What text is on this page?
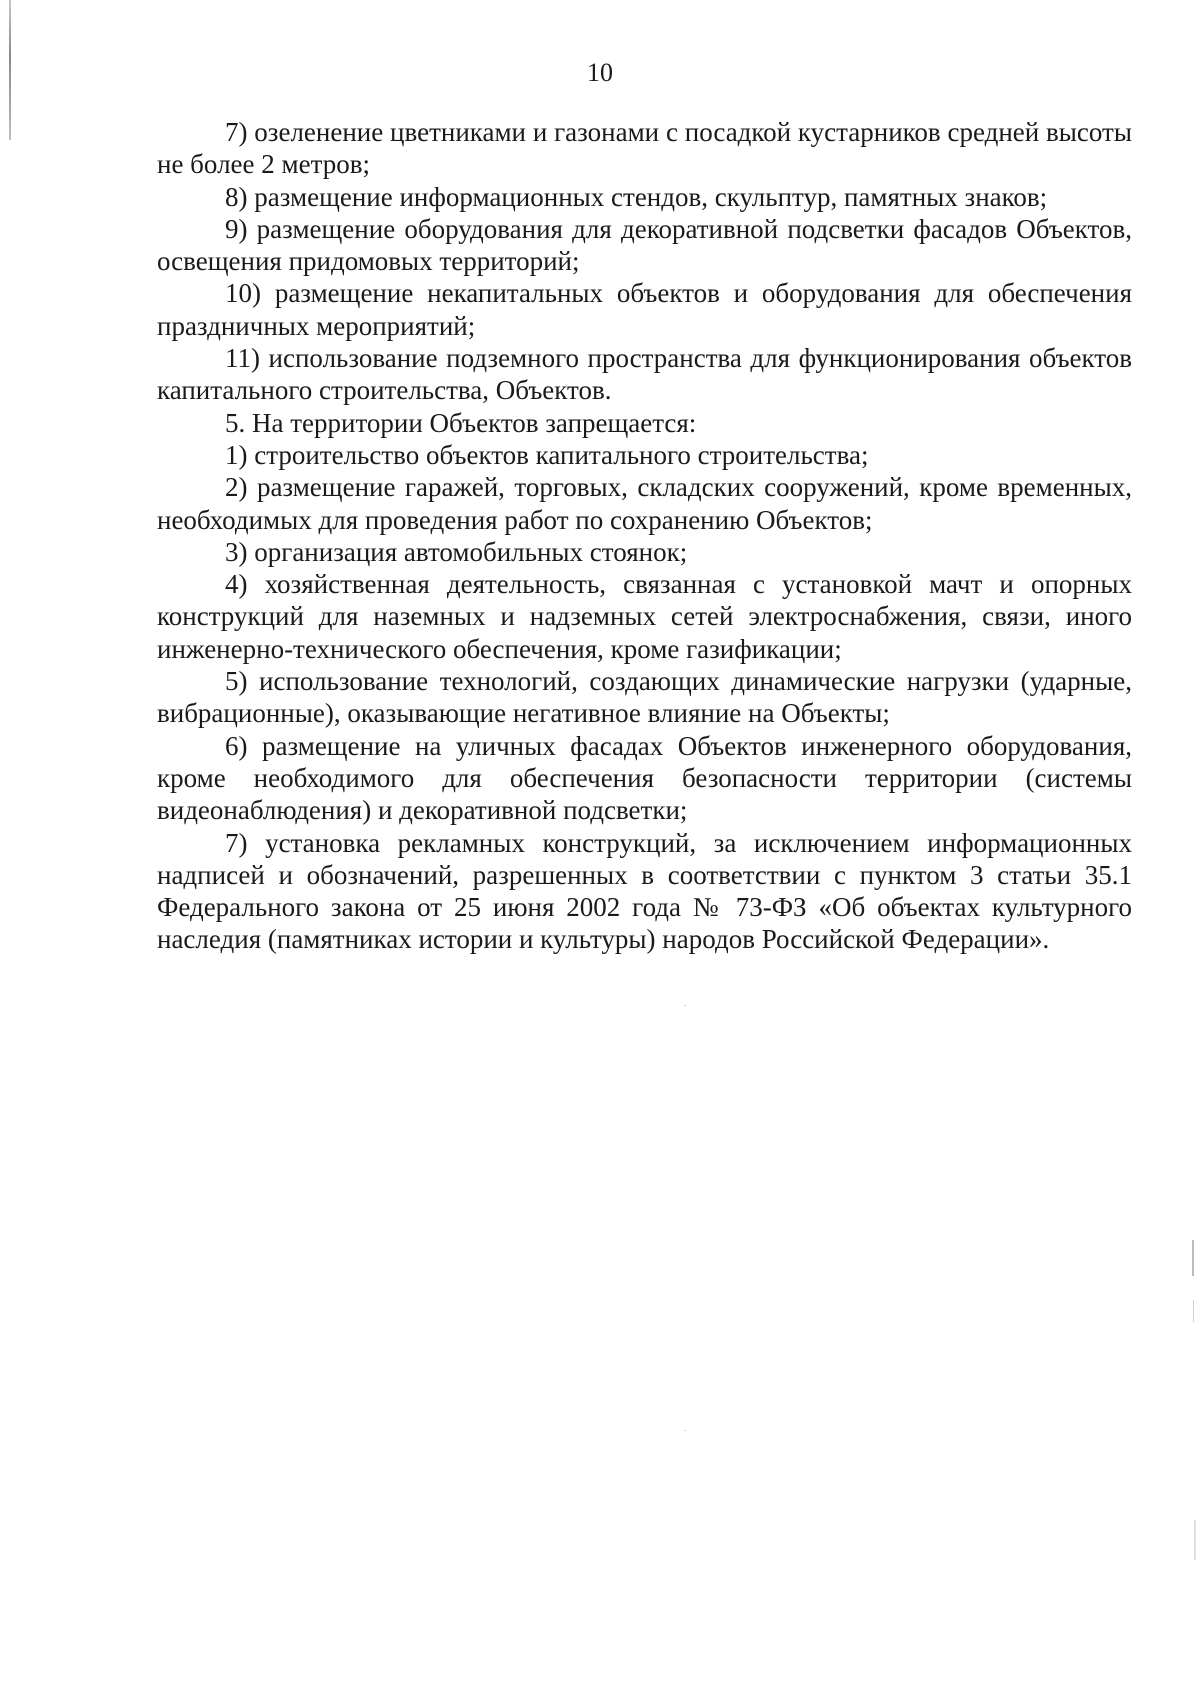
10

7) озеленение цветниками и газонами с посадкой кустарников средней высоты не более 2 метров;

8) размещение информационных стендов, скульптур, памятных знаков;

9) размещение оборудования для декоративной подсветки фасадов Объектов, освещения придомовых территорий;

10) размещение некапитальных объектов и оборудования для обеспечения праздничных мероприятий;

11) использование подземного пространства для функционирования объектов капитального строительства, Объектов.

5. На территории Объектов запрещается:

1) строительство объектов капитального строительства;

2) размещение гаражей, торговых, складских сооружений, кроме временных, необходимых для проведения работ по сохранению Объектов;

3) организация автомобильных стоянок;

4) хозяйственная деятельность, связанная с установкой мачт и опорных конструкций для наземных и надземных сетей электроснабжения, связи, иного инженерно-технического обеспечения, кроме газификации;

5) использование технологий, создающих динамические нагрузки (ударные, вибрационные), оказывающие негативное влияние на Объекты;

6) размещение на уличных фасадах Объектов инженерного оборудования, кроме необходимого для обеспечения безопасности территории (системы видеонаблюдения) и декоративной подсветки;

7) установка рекламных конструкций, за исключением информационных надписей и обозначений, разрешенных в соответствии с пунктом 3 статьи 35.1 Федерального закона от 25 июня 2002 года № 73-ФЗ «Об объектах культурного наследия (памятниках истории и культуры) народов Российской Федерации».
